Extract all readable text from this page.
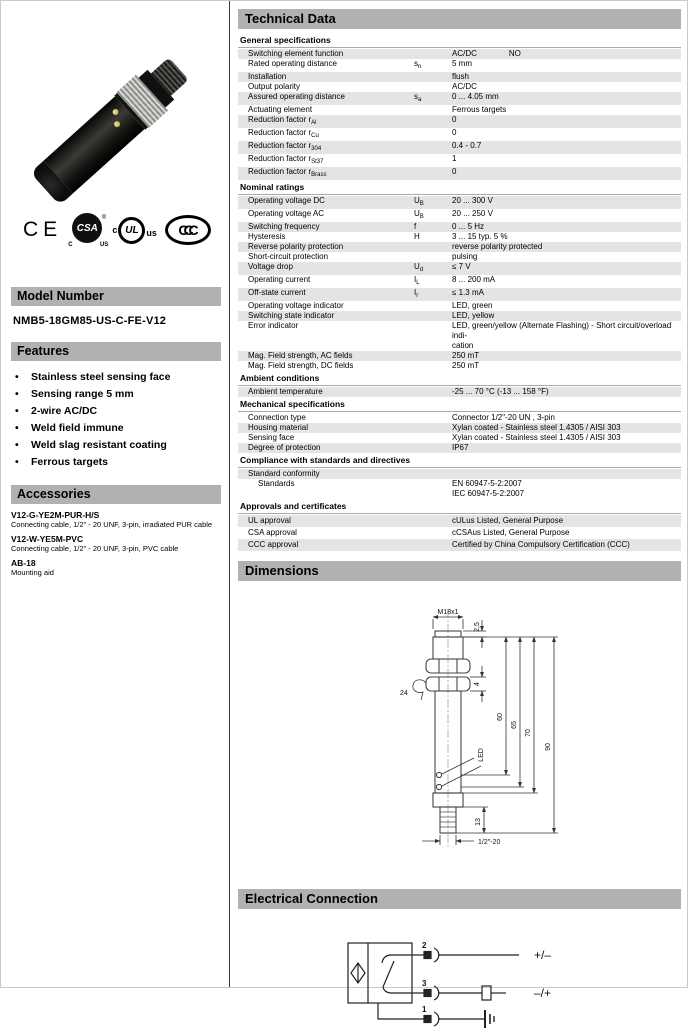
CE	CSA
®
C	US
c UL us	CCC
Model Number
NMB5-18GM85-US-C-FE-V12
Features
•	Stainless steel sensing face
•	Sensing range 5 mm
•	2-wire AC/DC
•	Weld field immune
•	Weld slag resistant coating
•	Ferrous targets
Accessories
V12-G-YE2M-PUR-H/S
Connecting cable, 1/2" - 20 UNF, 3-pin, irradiated PUR cable
V12-W-YE5M-PVC
Connecting cable, 1/2" - 20 UNF, 3-pin, PVC cable
AB-18
Mounting aid
Technical Data
General specifications
Switching element function	AC/DC	NO
Rated operating distance	$s_n$	5 mm
Installation	flush
Output polarity	AC/DC
Assured operating distance	$s_a$	0 ... 4.05 mm
Actuating element	Ferrous targets
Reduction factor $r_{Al}$	0
Reduction factor $r_{Cu}$	0
Reduction factor $r_{304}$	0.4 - 0.7
Reduction factor $r_{St37}$	1
Reduction factor $r_{Brass}$	0
Nominal ratings
Operating voltage DC	$U_B$	20 ... 300 V
Operating voltage AC	$U_B$	20 ... 250 V
Switching frequency	f	0 ... 5 Hz
Hysteresis	H	3 ... 15 typ. 5 %
Reverse polarity protection	reverse polarity protected
Short-circuit protection	pulsing
Voltage drop	$U_d$	≤ 7 V
Operating current	$I_L$	8 ... 200 mA
Off-state current	$I_r$	≤ 1.3 mA
Operating voltage indicator	LED, green
Switching state indicator	LED, yellow
Error indicator	LED, green/yellow (Alternate Flashing) - Short circuit/overload indi-
cation
Mag. Field strength, AC fields	250 mT
Mag. Field strength, DC fields	250 mT
Ambient conditions
Ambient temperature	-25 ... 70 °C (-13 ... 158 °F)
Mechanical specifications
Connection type	Connector 1/2"-20 UN , 3-pin
Housing material	Xylan coated - Stainless steel 1.4305 / AISI 303
Sensing face	Xylan coated - Stainless steel 1.4305 / AISI 303
Degree of protection	IP67
Compliance with standards and directives
Standard conformity
Standards	EN 60947-5-2:2007
IEC 60947-5-2:2007
Approvals and certificates
UL approval	cULus Listed, General Purpose
CSA approval	cCSAus Listed, General Purpose
CCC approval	Certified by China Compulsory Certification (CCC)
Dimensions
M18x1
2,5
4
24
LED
60
65
70
90
13
1/2"-20
Electrical Connection
2
3
1
+/–
–/+
